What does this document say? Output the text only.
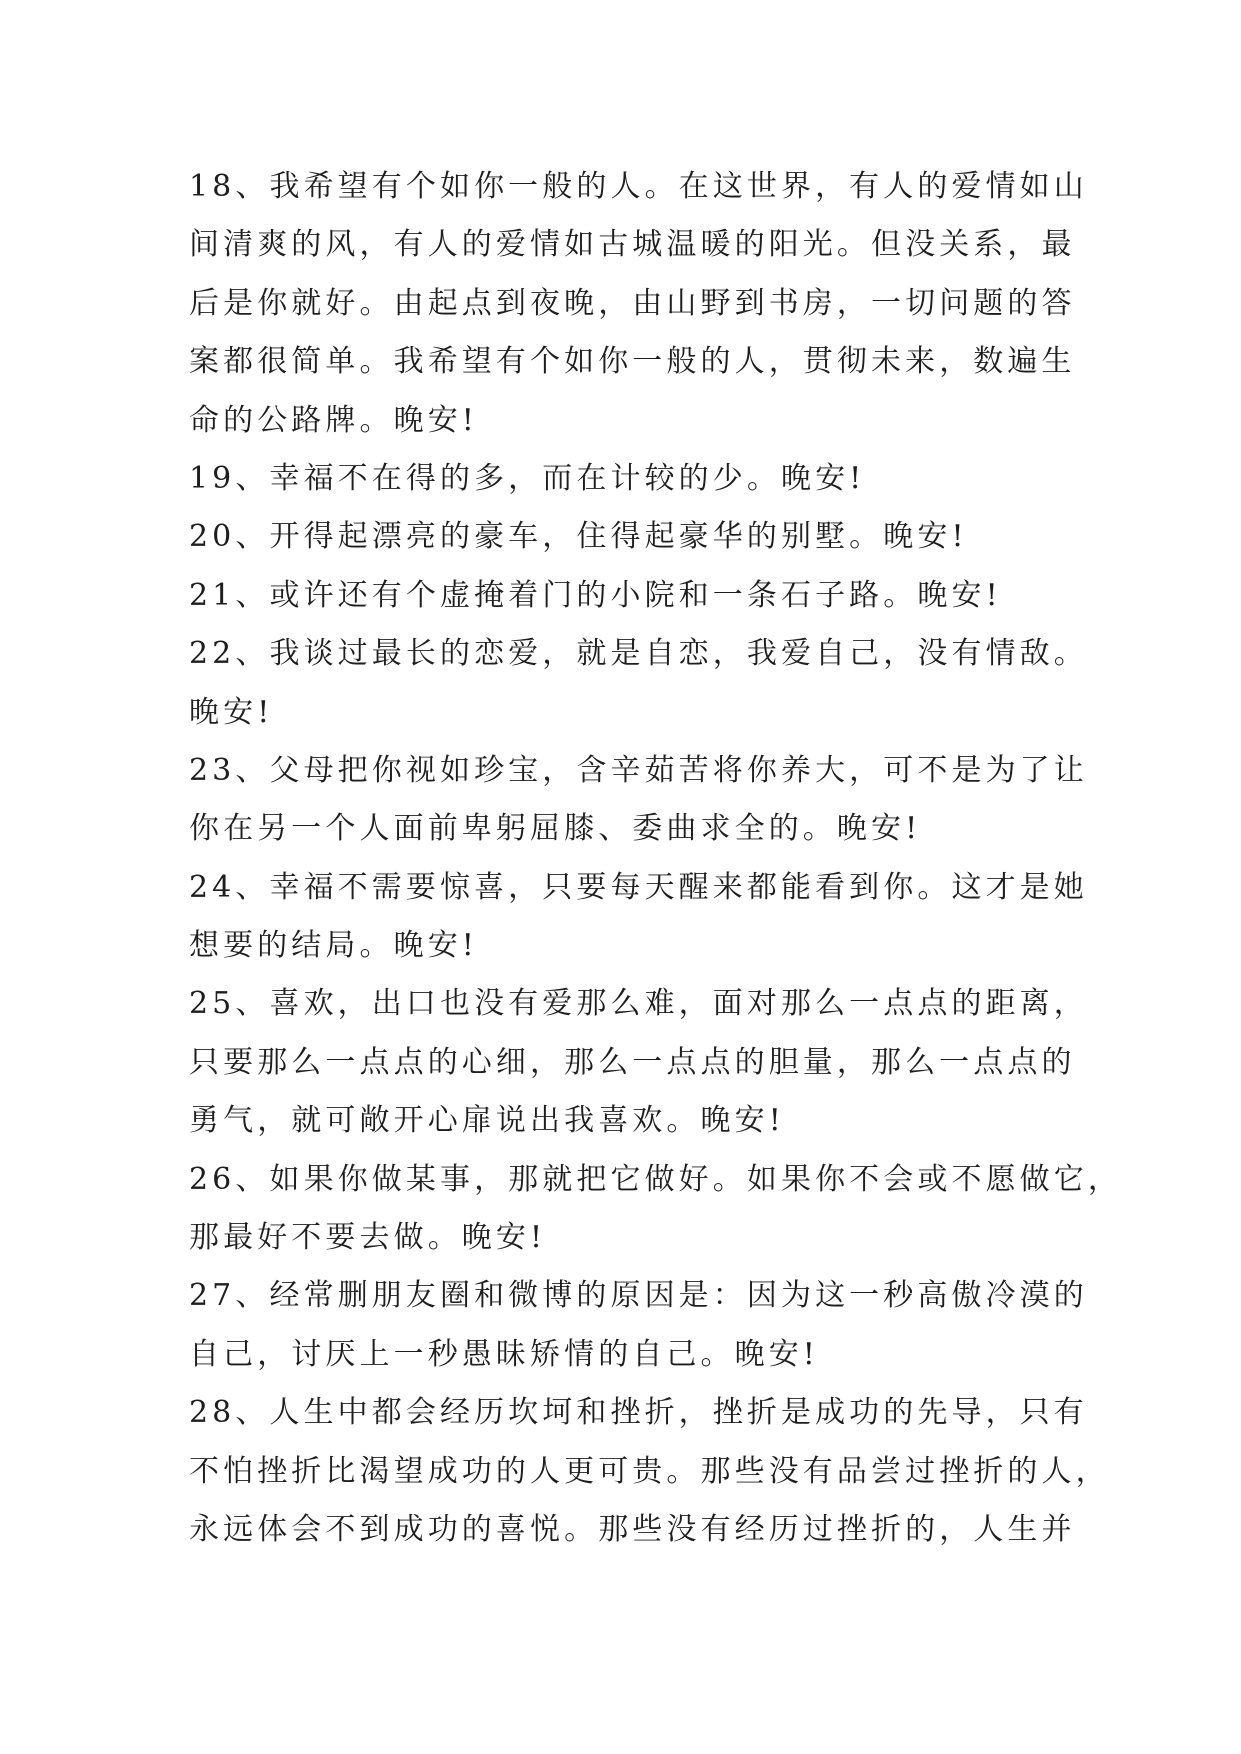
18、我希望有个如你一般的人。在这世界，有人的爱情如山
间清爽的风，有人的爱情如古城温暖的阳光。但没关系，最
后是你就好。由起点到夜晚，由山野到书房，一切问题的答
案都很简单。我希望有个如你一般的人，贯彻未来，数遍生
命的公路牌。晚安!
19、幸福不在得的多，而在计较的少。晚安!
20、开得起漂亮的豪车，住得起豪华的别墅。晚安!
21、或许还有个虚掩着门的小院和一条石子路。晚安!
22、我谈过最长的恋爱，就是自恋，我爱自己，没有情敌。
晚安!
23、父母把你视如珍宝，含辛茹苦将你养大，可不是为了让
你在另一个人面前卑躬屈膝、委曲求全的。晚安!
24、幸福不需要惊喜，只要每天醒来都能看到你。这才是她
想要的结局。晚安!
25、喜欢，出口也没有爱那么难，面对那么一点点的距离，
只要那么一点点的心细，那么一点点的胆量，那么一点点的
勇气，就可敞开心扉说出我喜欢。晚安!
26、如果你做某事，那就把它做好。如果你不会或不愿做它，
那最好不要去做。晚安!
27、经常删朋友圈和微博的原因是：因为这一秒高傲冷漠的
自己，讨厌上一秒愚昧矫情的自己。晚安!
28、人生中都会经历坎坷和挫折，挫折是成功的先导，只有
不怕挫折比渴望成功的人更可贵。那些没有品尝过挫折的人，
永远体会不到成功的喜悦。那些没有经历过挫折的，人生并
